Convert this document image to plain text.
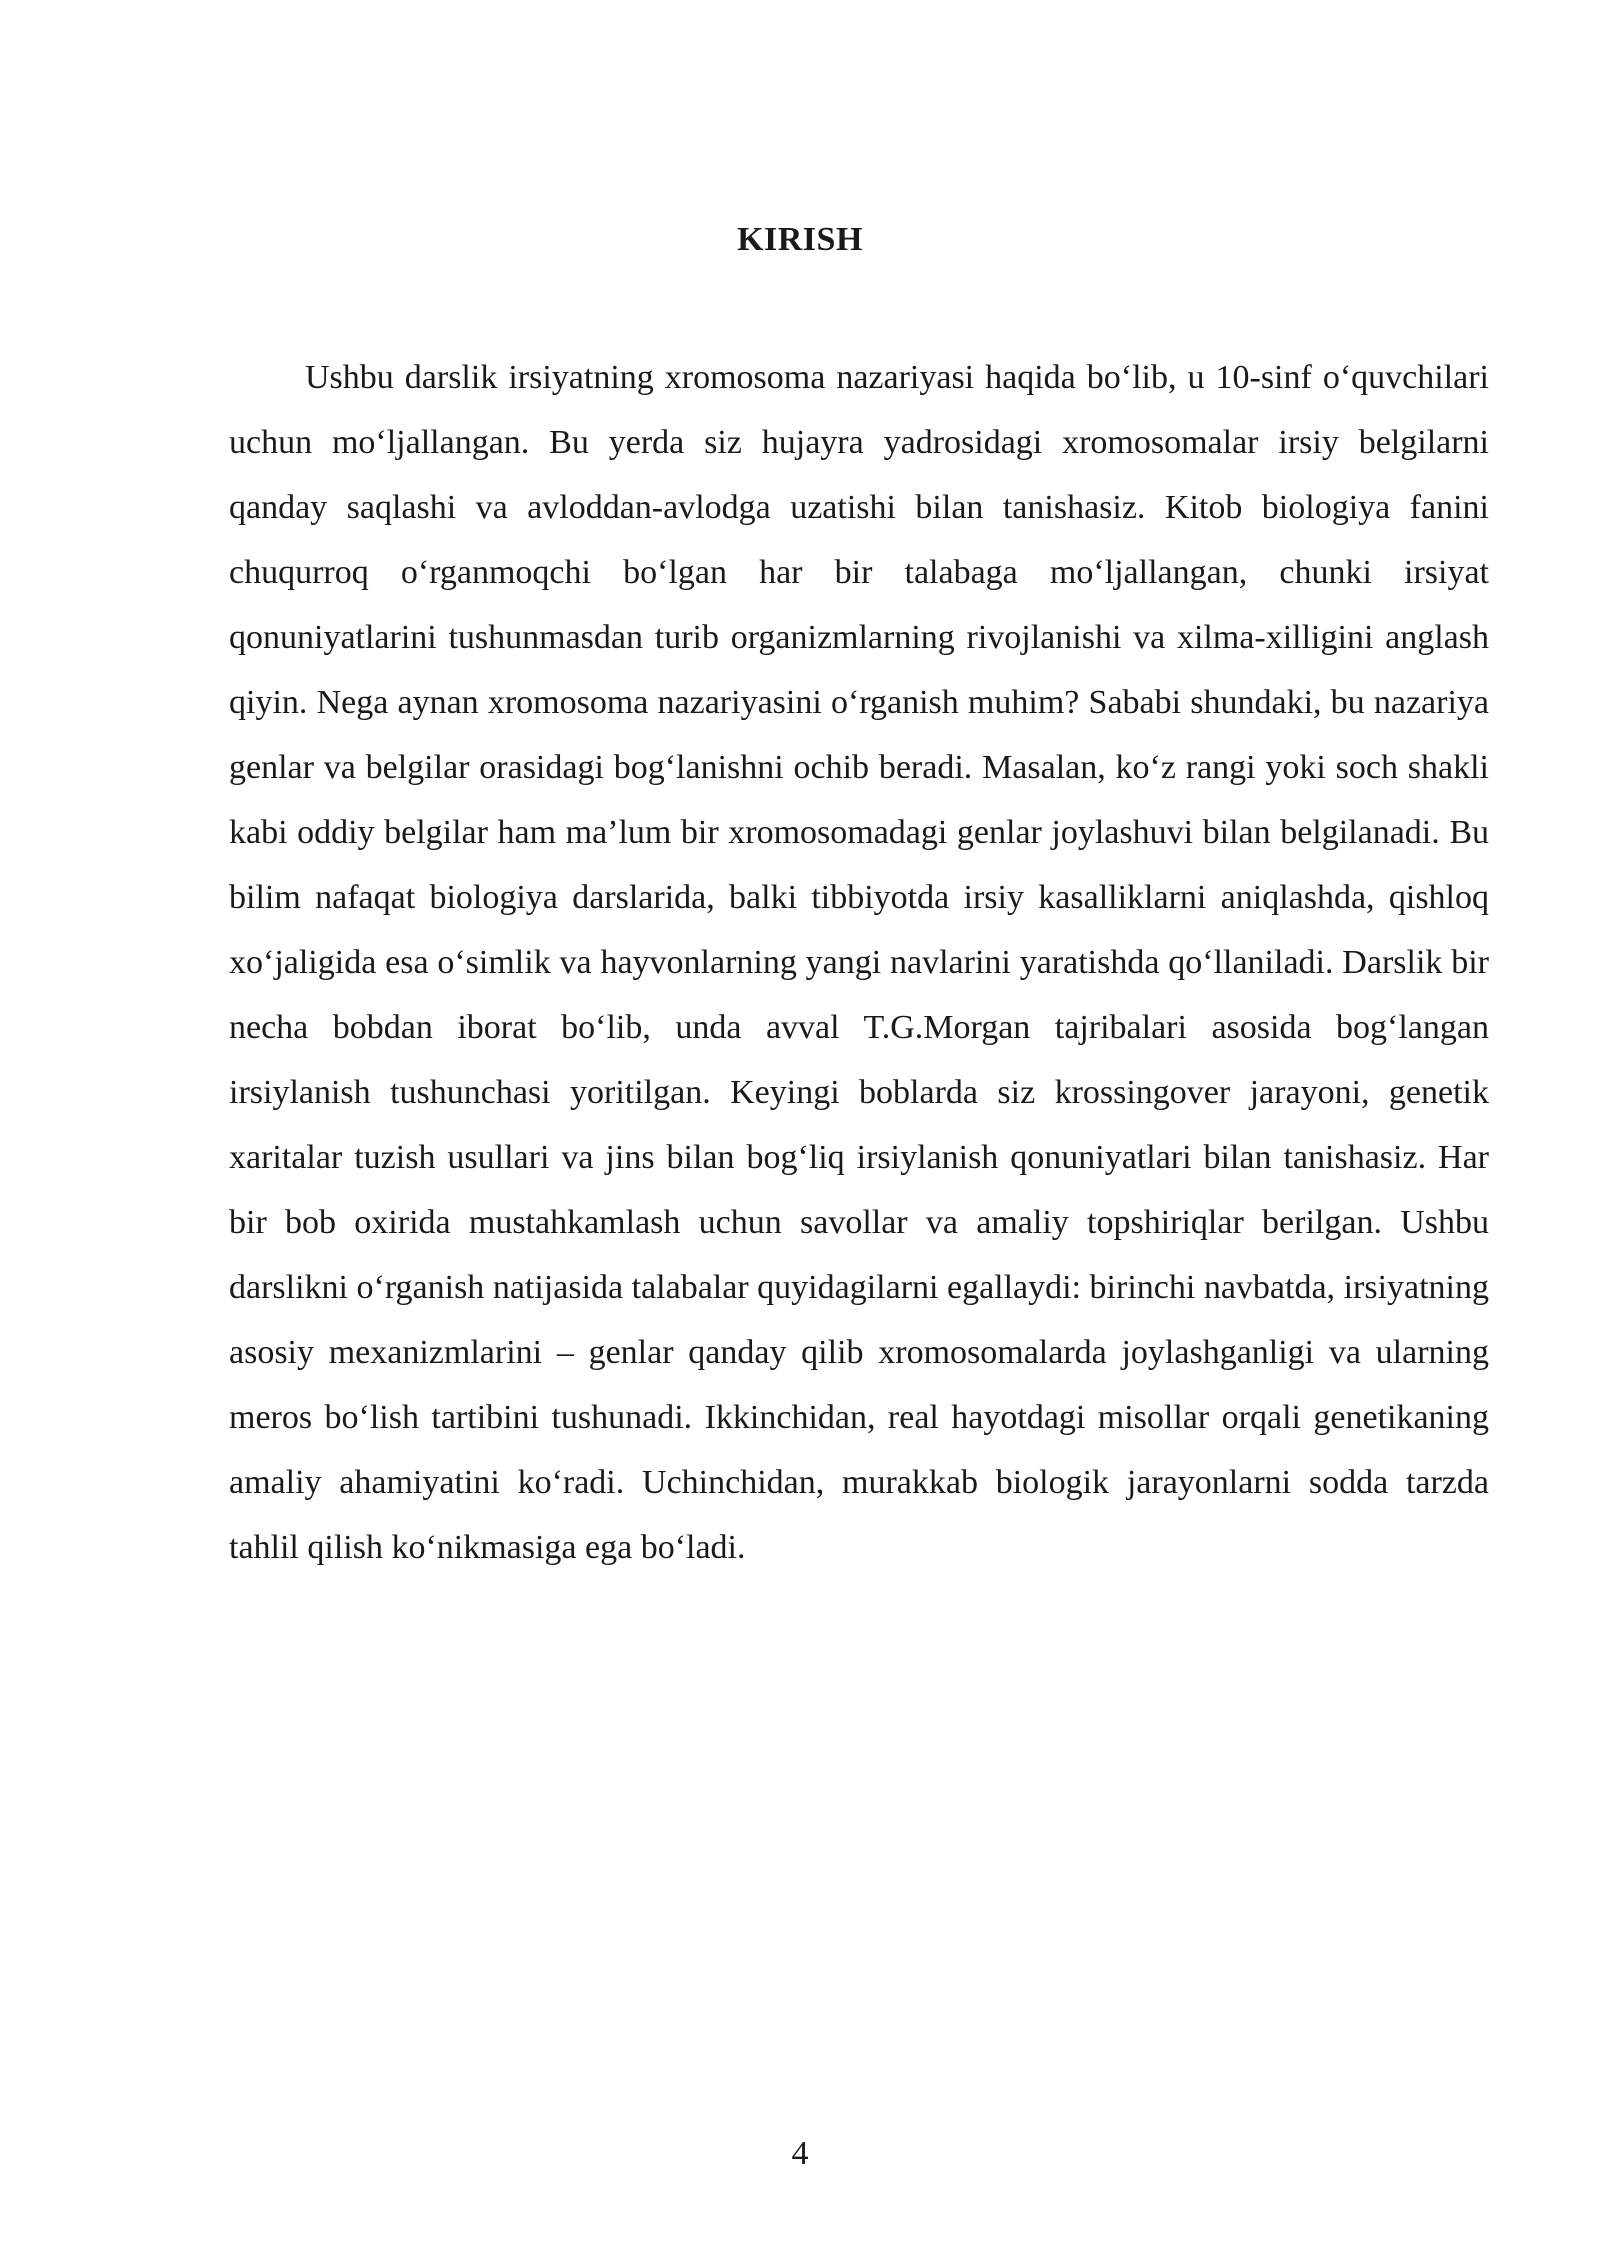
KIRISH

Ushbu darslik irsiyatning xromosoma nazariyasi haqida bo‘lib, u 10-sinf o‘quvchilari uchun mo‘ljallangan. Bu yerda siz hujayra yadrosidagi xromosomalar irsiy belgilarni qanday saqlashi va avloddan-avlodga uzatishi bilan tanishasiz. Kitob biologiya fanini chuqurroq o‘rganmoqchi bo‘lgan har bir talabaga mo‘ljallangan, chunki irsiyat qonuniyatlarini tushunmasdan turib organizmlarning rivojlanishi va xilma-xilligini anglash qiyin. Nega aynan xromosoma nazariyasini o‘rganish muhim? Sababi shundaki, bu nazariya genlar va belgilar orasidagi bog‘lanishni ochib beradi. Masalan, ko‘z rangi yoki soch shakli kabi oddiy belgilar ham ma’lum bir xromosomadagi genlar joylashuvi bilan belgilanadi. Bu bilim nafaqat biologiya darslarida, balki tibbiyotda irsiy kasalliklarni aniqlashda, qishloq xo‘jaligida esa o‘simlik va hayvonlarning yangi navlarini yaratishda qo‘llaniladi. Darslik bir necha bobdan iborat bo‘lib, unda avval T.G.Morgan tajribalari asosida bog‘langan irsiylanish tushunchasi yoritilgan. Keyingi boblarda siz krossingover jarayoni, genetik xaritalar tuzish usullari va jins bilan bog‘liq irsiylanish qonuniyatlari bilan tanishasiz. Har bir bob oxirida mustahkamlash uchun savollar va amaliy topshiriqlar berilgan. Ushbu darslikni o‘rganish natijasida talabalar quyidagilarni egallaydi: birinchi navbatda, irsiyatning asosiy mexanizmlarini – genlar qanday qilib xromosomalarda joylashganligi va ularning meros bo‘lish tartibini tushunadi. Ikkinchidan, real hayotdagi misollar orqali genetikaning amaliy ahamiyatini ko‘radi. Uchinchidan, murakkab biologik jarayonlarni sodda tarzda tahlil qilish ko‘nikmasiga ega bo‘ladi.

4
